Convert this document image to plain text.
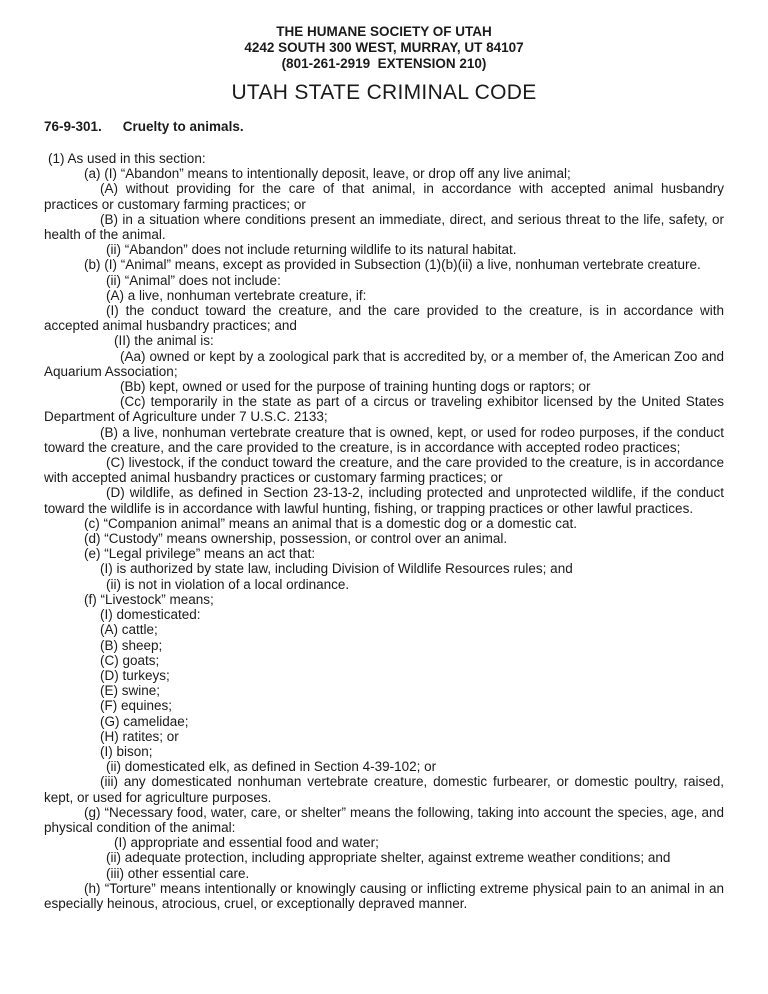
THE HUMANE SOCIETY OF UTAH
4242 SOUTH 300 WEST, MURRAY, UT 84107
(801-261-2919  EXTENSION 210)
UTAH STATE CRIMINAL CODE
76-9-301. Cruelty to animals.

(1) As used in this section:

(a) (I) “Abandon” means to intentionally deposit, leave, or drop off any live animal;

(A) without providing for the care of that animal, in accordance with accepted animal husbandry practices or customary farming practices; or

(B) in a situation where conditions present an immediate, direct, and serious threat to the life, safety, or health of the animal.

(ii) “Abandon” does not include returning wildlife to its natural habitat.

(b) (I) “Animal” means, except as provided in Subsection (1)(b)(ii) a live, nonhuman vertebrate creature.

(ii) “Animal” does not include:

(A) a live, nonhuman vertebrate creature, if:

(I) the conduct toward the creature, and the care provided to the creature, is in accordance with accepted animal husbandry practices; and

(II) the animal is:

(Aa) owned or kept by a zoological park that is accredited by, or a member of, the American Zoo and Aquarium Association;

(Bb) kept, owned or used for the purpose of training hunting dogs or raptors; or

(Cc) temporarily in the state as part of a circus or traveling exhibitor licensed by the United States Department of Agriculture under 7 U.S.C. 2133;

(B) a live, nonhuman vertebrate creature that is owned, kept, or used for rodeo purposes, if the conduct toward the creature, and the care provided to the creature, is in accordance with accepted rodeo practices;

(C) livestock, if the conduct toward the creature, and the care provided to the creature, is in accordance with accepted animal husbandry practices or customary farming practices; or

(D) wildlife, as defined in Section 23-13-2, including protected and unprotected wildlife, if the conduct toward the wildlife is in accordance with lawful hunting, fishing, or trapping practices or other lawful practices.

(c) “Companion animal” means an animal that is a domestic dog or a domestic cat.

(d) “Custody” means ownership, possession, or control over an animal.

(e) “Legal privilege” means an act that:

(I) is authorized by state law, including Division of Wildlife Resources rules; and

(ii) is not in violation of a local ordinance.

(f) “Livestock” means;

(I) domesticated:

(A) cattle;

(B) sheep;

(C) goats;

(D) turkeys;

(E) swine;

(F) equines;

(G) camelidae;

(H) ratites; or

(I) bison;

(ii) domesticated elk, as defined in Section 4-39-102; or

(iii) any domesticated nonhuman vertebrate creature, domestic furbearer, or domestic poultry, raised, kept, or used for agriculture purposes.

(g) “Necessary food, water, care, or shelter” means the following, taking into account the species, age, and physical condition of the animal:

(I) appropriate and essential food and water;

(ii) adequate protection, including appropriate shelter, against extreme weather conditions; and

(iii) other essential care.

(h) “Torture” means intentionally or knowingly causing or inflicting extreme physical pain to an animal in an especially heinous, atrocious, cruel, or exceptionally depraved manner.
